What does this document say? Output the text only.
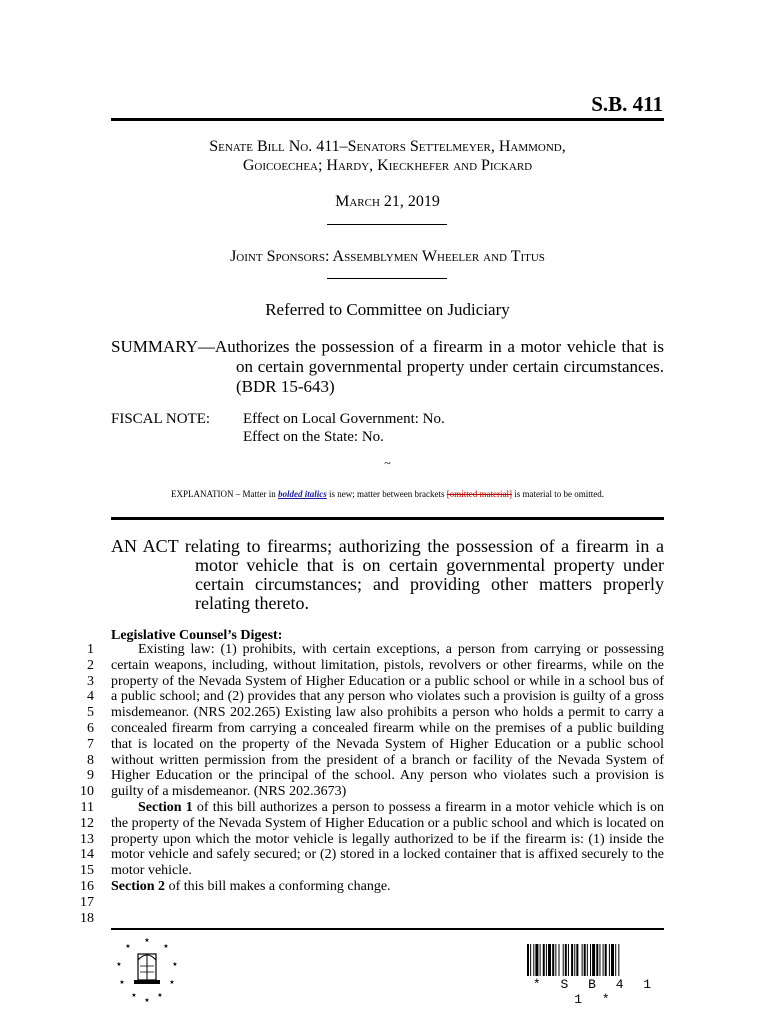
S.B. 411
Senate Bill No. 411–Senators Settelmeyer, Hammond,
Goicoechea; Hardy, Kieckhefer and Pickard
March 21, 2019
Joint Sponsors: Assemblymen Wheeler and Titus
Referred to Committee on Judiciary
SUMMARY—Authorizes the possession of a firearm in a motor vehicle that is on certain governmental property under certain circumstances. (BDR 15-643)
FISCAL NOTE:	Effect on Local Government: No.
Effect on the State: No.
~
EXPLANATION – Matter in bolded italics is new; matter between brackets [omitted material] is material to be omitted.

AN ACT relating to firearms; authorizing the possession of a firearm in a motor vehicle that is on certain governmental property under certain circumstances; and providing other matters properly relating thereto.

Legislative Counsel’s Digest:
1
2
3
4
5
6
7
8
9
10
11
12
13
14
15
16
17
18

Existing law: (1) prohibits, with certain exceptions, a person from carrying or possessing certain weapons, including, without limitation, pistols, revolvers or other firearms, while on the property of the Nevada System of Higher Education or a public school or while in a school bus of a public school; and (2) provides that any person who violates such a provision is guilty of a gross misdemeanor. (NRS 202.265) Existing law also prohibits a person who holds a permit to carry a concealed firearm from carrying a concealed firearm while on the premises of a public building that is located on the property of the Nevada System of Higher Education or a public school without written permission from the president of a branch or facility of the Nevada System of Higher Education or the principal of the school. Any person who violates such a provision is guilty of a misdemeanor. (NRS 202.3673)

Section 1 of this bill authorizes a person to possess a firearm in a motor vehicle which is on the property of the Nevada System of Higher Education or a public school and which is located on property upon which the motor vehicle is legally authorized to be if the firearm is: (1) inside the motor vehicle and safely secured; or (2) stored in a locked container that is affixed securely to the motor vehicle.

Section 2 of this bill makes a conforming change.

★
★
★
★
★
★
★
★
★
★
* S B 4 1 1 *
